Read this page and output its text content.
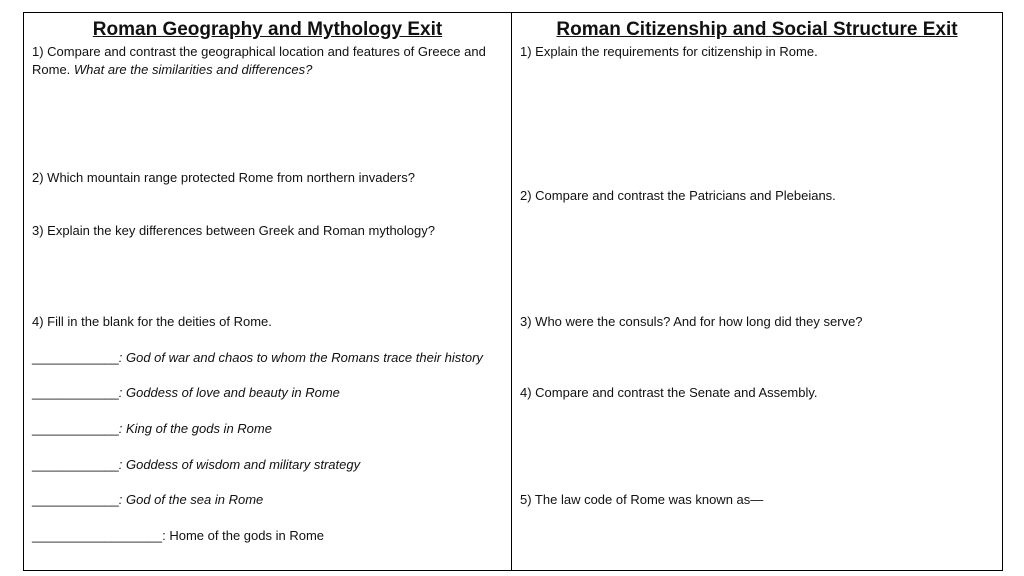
Roman Geography and Mythology Exit

1) Compare and contrast the geographical location and features of Greece and Rome. What are the similarities and differences?

2) Which mountain range protected Rome from northern invaders?

3) Explain the key differences between Greek and Roman mythology?

4) Fill in the blank for the deities of Rome.

____________: God of war and chaos to whom the Romans trace their history

____________: Goddess of love and beauty in Rome

____________: King of the gods in Rome

____________: Goddess of wisdom and military strategy

____________: God of the sea in Rome

__________________: Home of the gods in Rome

Roman Citizenship and Social Structure Exit

1) Explain the requirements for citizenship in Rome.

2) Compare and contrast the Patricians and Plebeians.

3) Who were the consuls? And for how long did they serve?

4) Compare and contrast the Senate and Assembly.

5) The law code of Rome was known as—
